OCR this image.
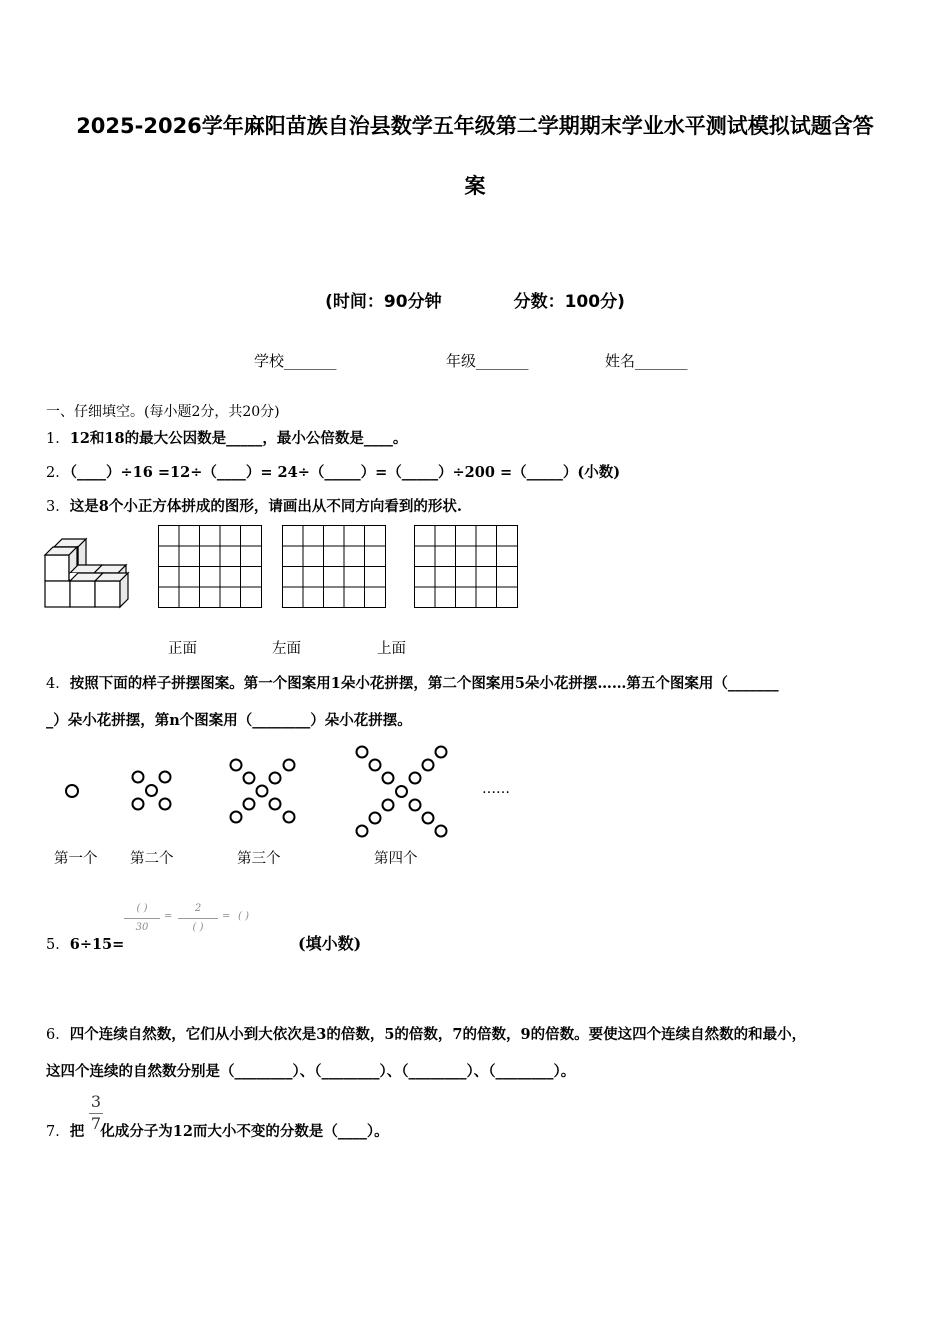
2025-2026学年麻阳苗族自治县数学五年级第二学期期末学业水平测试模拟试题含答
案
(时间：90分钟	分数：100分)
学校_______	年级_______	姓名_______
一、仔细填空。(每小题2分，共20分)
1．12和18的最大公因数是_____，最小公倍数是____。
2．（____）÷16 =12÷（____）= 24÷（_____）=（_____）÷200 =（_____）(小数)
3．这是8个小正方体拼成的图形，请画出从不同方向看到的形状.
正面	左面	上面
4．按照下面的样子拼摆图案。第一个图案用1朵小花拼摆，第二个图案用5朵小花拼摆……第五个图案用（_______
_）朵小花拼摆，第n个图案用（________）朵小花拼摆。
……
第一个 第二个	第三个	第四个
5．6÷15=
( )
30
=
2
( )
= ( )
(填小数)
6．四个连续自然数，它们从小到大依次是3的倍数，5的倍数，7的倍数，9的倍数。要使这四个连续自然数的和最小，
这四个连续的自然数分别是（________）、（________）、（________）、（________）。
7．把 化成分子为12而大小不变的分数是（____）。
3
7
